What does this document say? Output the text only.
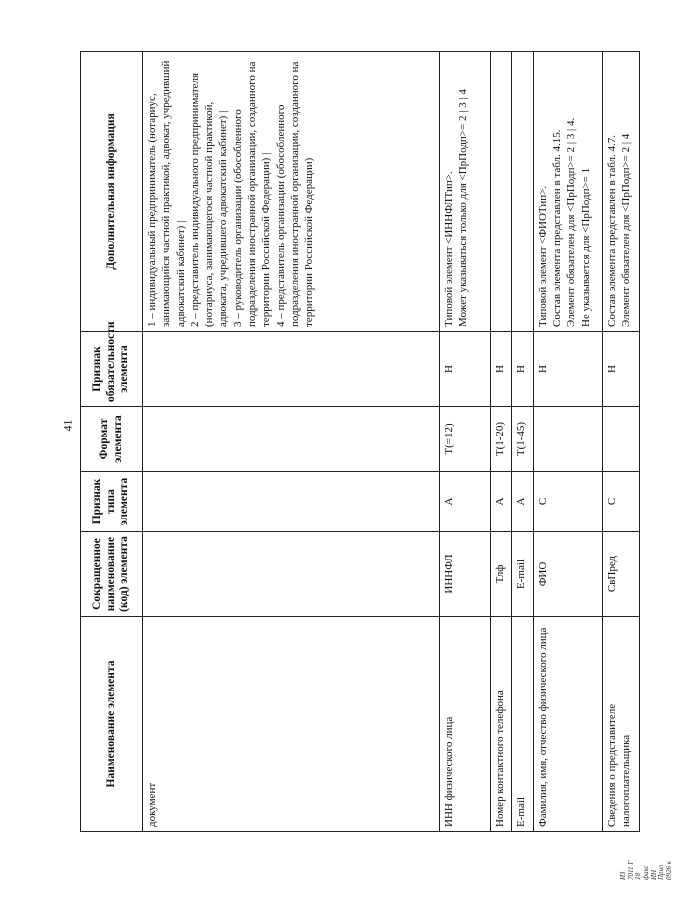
41
Наименование элемента	Сокращенное наименование (код) элемента	Признак типа элемента	Формат элемента	Признак обязательности элемента	Дополнительная информация
документ					1 – индивидуальный предприниматель (нотариус, занимающийся частной практикой, адвокат, учредивший адвокатский кабинет) |
2 – представитель индивидуального предпринимателя (нотариуса, занимающегося частной практикой, адвоката, учредившего адвокатский кабинет) |
3 – руководитель организации (обособленного подразделения иностранной организации, созданного на территории Российской Федерации) |
4 – представитель организации (обособленного подразделения иностранной организации, созданного на территории Российской Федерации)
ИНН физического лица	ИННФЛ	А	Т(=12)	Н	Типовой элемент <ИННФЛТип>.
Может указываться только для <ПрПодп>= 2 | 3 | 4
Номер контактного телефона	Тлф	А	Т(1-20)	Н	
E-mail	E-mail	А	Т(1-45)	Н	
Фамилия, имя, отчество физического лица	ФИО	С		Н	Типовой элемент <ФИОТип>.
Состав элемента представлен в табл. 4.15.
Элемент обязателен для <ПрПодп>= 2 | 3 | 4.
Не указывается для <ПрПодп>= 1
Сведения о представителе налогоплательщика	СвПред	С		Н	Состав элемента представлен в табл. 4.7.
Элемент обязателен для <ПрПодп>= 2 | 4
ИЗ 7011 Г 18
факс ИН Прил 0926 к
